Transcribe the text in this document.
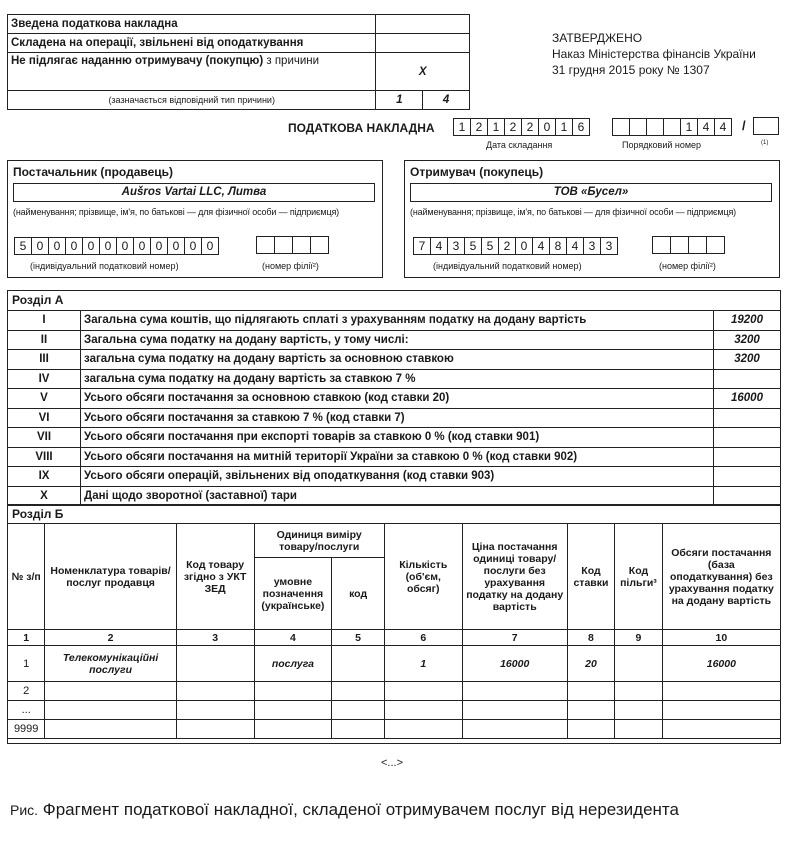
Зведена податкова накладна		
Складена на операції, звільнені від оподаткування		
Не підлягає наданню отримувачу (покупцю) з причини	Х	
(зазначається відповідний тип причини)	1	4
ЗАТВЕРДЖЕНО
Наказ Міністерства фінансів України
31 грудня 2015 року № 1307
ПОДАТКОВА НАКЛАДНА	1 2 1 2 2 0 1 6
Дата складання
1 4 4
Порядковий номер
/
(1)
Постачальник (продавець)
Aušros Vartai LLC, Литва
(найменування; прізвище, ім'я, по батькові — для фізичної особи — підприємця)
5 0 0 0 0 0 0 0 0 0 0 0
(індивідуальний податковий номер)	(номер філії²)
Отримувач (покупець)
ТОВ «Бусел»
(найменування; прізвище, ім'я, по батькові — для фізичної особи — підприємця)
7 4 3 5 5 2 0 4 8 4 3 3
(індивідуальний податковий номер)	(номер філії²)
Розділ А
I	Загальна сума коштів, що підлягають сплаті з урахуванням податку на додану вартість	19200
II	Загальна сума податку на додану вартість, у тому числі:	3200
III	загальна сума податку на додану вартість за основною ставкою	3200
IV	загальна сума податку на додану вартість за ставкою 7 %	
V	Усього обсяги постачання за основною ставкою (код ставки 20)	16000
VI	Усього обсяги постачання за ставкою 7 % (код ставки 7)	
VII	Усього обсяги постачання при експорті товарів за ставкою 0 % (код ставки 901)	
VIII	Усього обсяги постачання на митній території України за ставкою 0 % (код ставки 902)	
IX	Усього обсяги операцій, звільнених від оподаткування (код ставки 903)	
X	Дані щодо зворотної (заставної) тари	
Розділ Б
№ з/п	Номенклатура товарів/послуг продавця	Код товару згідно з УКТ ЗЕД	Одиниця виміру товару/послуги		Кількість (об'єм, обсяг)	Ціна постачання одиниці товару/ послуги без урахування податку на додану вартість	Код ставки	Код пільги³	Обсяги постачання (база оподаткування) без урахування податку на додану вартість
			умовне позначення (українське)	код					
1	2	3	4	5	6	7	8	9	10
1	Телекомунікаційні послуги		послуга		1	16000	20		16000
2									
...									
9999									
<...>
Рис. Фрагмент податкової накладної, складеної отримувачем послуг від нерезидента
